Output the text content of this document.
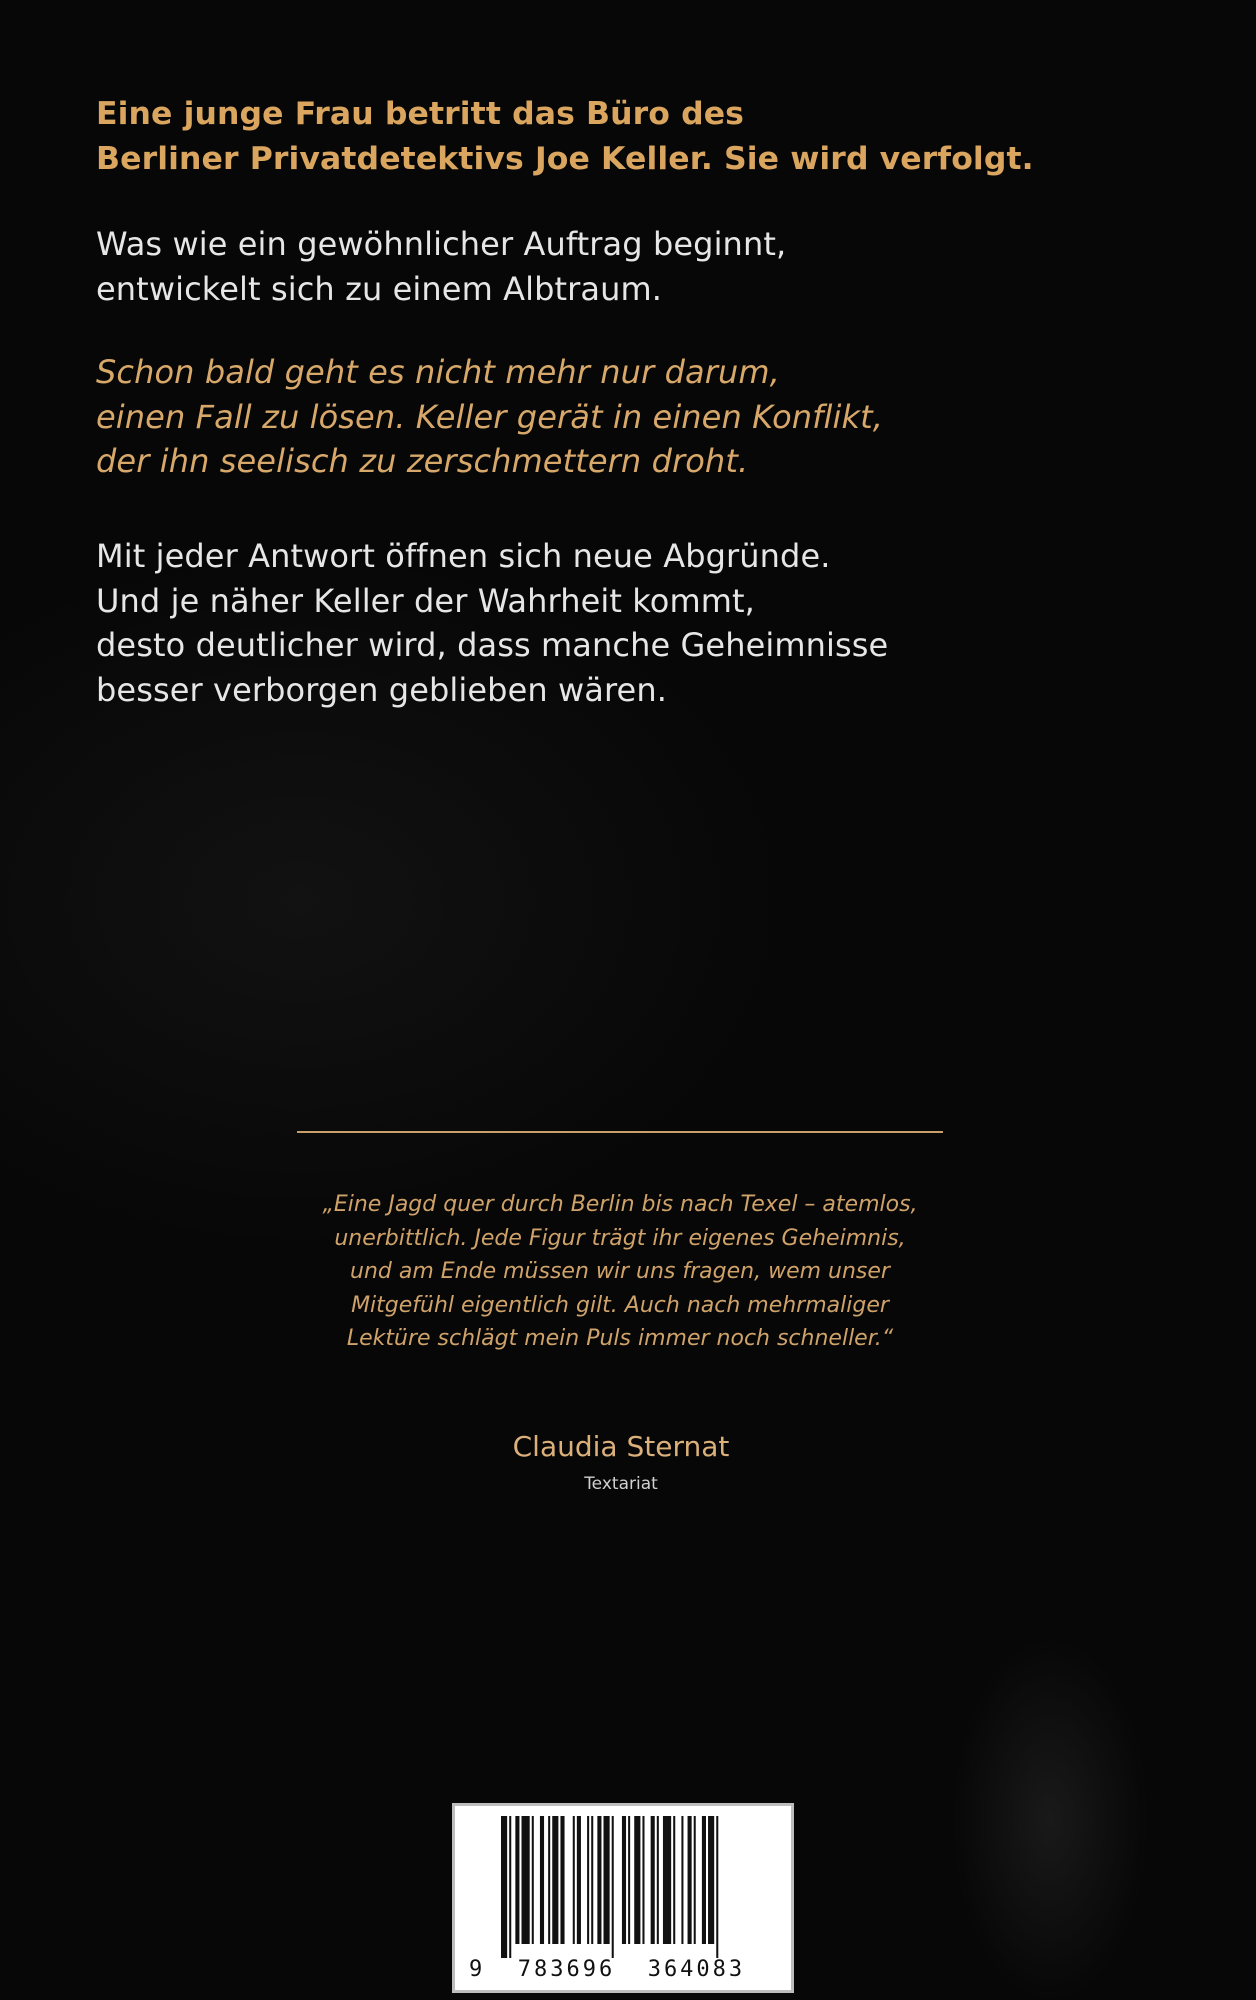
Eine junge Frau betritt das Büro des
Berliner Privatdetektivs Joe Keller. Sie wird verfolgt.
Was wie ein gewöhnlicher Auftrag beginnt,
entwickelt sich zu einem Albtraum.
Schon bald geht es nicht mehr nur darum,
einen Fall zu lösen. Keller gerät in einen Konflikt,
der ihn seelisch zu zerschmettern droht.
Mit jeder Antwort öffnen sich neue Abgründe.
Und je näher Keller der Wahrheit kommt,
desto deutlicher wird, dass manche Geheimnisse
besser verborgen geblieben wären.
„Eine Jagd quer durch Berlin bis nach Texel – atemlos,
unerbittlich. Jede Figur trägt ihr eigenes Geheimnis,
und am Ende müssen wir uns fragen, wem unser
Mitgefühl eigentlich gilt. Auch nach mehrmaliger
Lektüre schlägt mein Puls immer noch schneller.“
Claudia Sternat
Textariat
9  783696  364083
